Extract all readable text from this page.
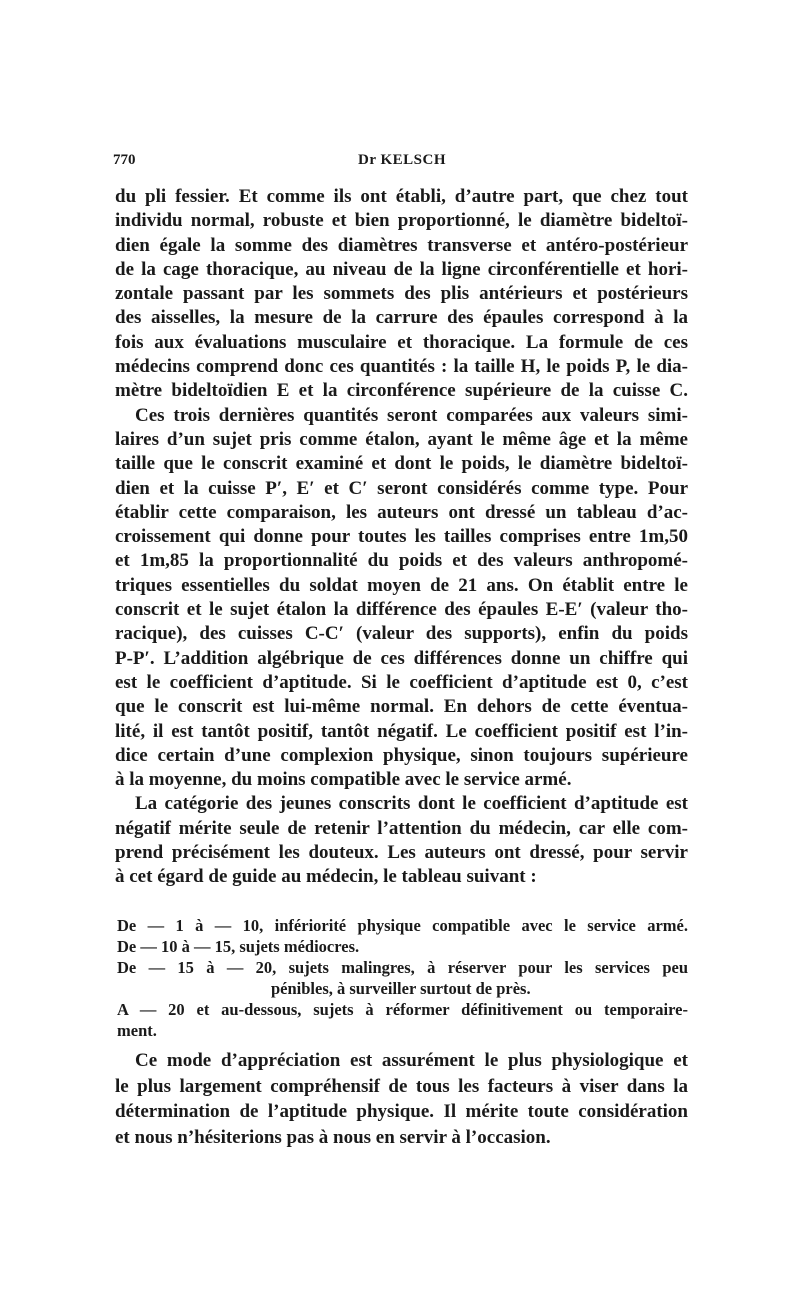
770	Dr KELSCH
du pli fessier. Et comme ils ont établi, d’autre part, que chez tout
individu normal, robuste et bien proportionné, le diamètre bideltoï-
dien égale la somme des diamètres transverse et antéro-postérieur
de la cage thoracique, au niveau de la ligne circonférentielle et hori-
zontale passant par les sommets des plis antérieurs et postérieurs
des aisselles, la mesure de la carrure des épaules correspond à la
fois aux évaluations musculaire et thoracique. La formule de ces
médecins comprend donc ces quantités : la taille H, le poids P, le dia-
mètre bideltoïdien E et la circonférence supérieure de la cuisse C.
Ces trois dernières quantités seront comparées aux valeurs simi-
laires d’un sujet pris comme étalon, ayant le même âge et la même
taille que le conscrit examiné et dont le poids, le diamètre bideltoï-
dien et la cuisse P′, E′ et C′ seront considérés comme type. Pour
établir cette comparaison, les auteurs ont dressé un tableau d’ac-
croissement qui donne pour toutes les tailles comprises entre 1m,50
et 1m,85 la proportionnalité du poids et des valeurs anthropomé-
triques essentielles du soldat moyen de 21 ans. On établit entre le
conscrit et le sujet étalon la différence des épaules E-E′ (valeur tho-
racique), des cuisses C-C′ (valeur des supports), enfin du poids
P-P′. L’addition algébrique de ces différences donne un chiffre qui
est le coefficient d’aptitude. Si le coefficient d’aptitude est 0, c’est
que le conscrit est lui-même normal. En dehors de cette éventua-
lité, il est tantôt positif, tantôt négatif. Le coefficient positif est l’in-
dice certain d’une complexion physique, sinon toujours supérieure
à la moyenne, du moins compatible avec le service armé.
La catégorie des jeunes conscrits dont le coefficient d’aptitude est
négatif mérite seule de retenir l’attention du médecin, car elle com-
prend précisément les douteux. Les auteurs ont dressé, pour servir
à cet égard de guide au médecin, le tableau suivant :
De — 1 à — 10, infériorité physique compatible avec le service armé.
De — 10 à — 15, sujets médiocres.
De — 15 à — 20, sujets malingres, à réserver pour les services peu
pénibles, à surveiller surtout de près.
A — 20 et au-dessous, sujets à réformer définitivement ou temporaire-
ment.
Ce mode d’appréciation est assurément le plus physiologique et
le plus largement compréhensif de tous les facteurs à viser dans la
détermination de l’aptitude physique. Il mérite toute considération
et nous n’hésiterions pas à nous en servir à l’occasion.
